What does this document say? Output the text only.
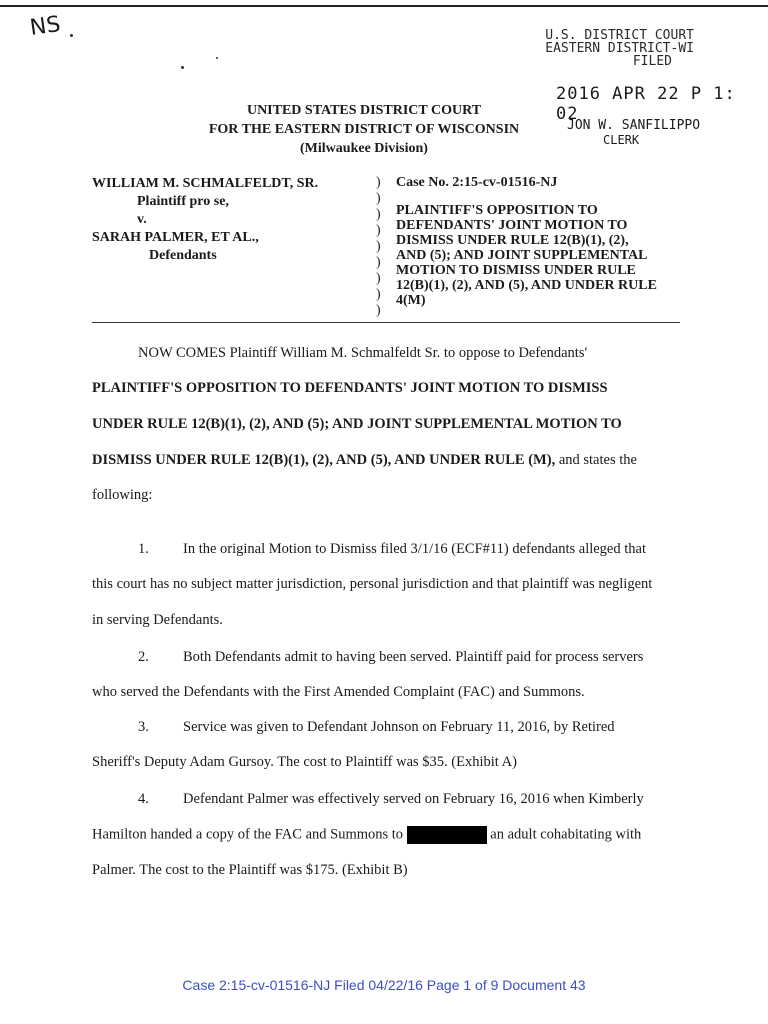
NS	U.S. DISTRICT COURT
EASTERN DISTRICT-WI
FILED
2016 APR 22 P 1: 02
JON W. SANFILIPPO
CLERK
UNITED STATES DISTRICT COURT
FOR THE EASTERN DISTRICT OF WISCONSIN
(Milwaukee Division)
WILLIAM M. SCHMALFELDT, SR.
Plaintiff pro se,
v.
SARAH PALMER, ET AL.,
Defendants
)
)
)
)
)
)
)
)
)
Case No. 2:15-cv-01516-NJ
PLAINTIFF'S OPPOSITION TO
DEFENDANTS' JOINT MOTION TO
DISMISS UNDER RULE 12(B)(1), (2),
AND (5); AND JOINT SUPPLEMENTAL
MOTION TO DISMISS UNDER RULE
12(B)(1), (2), AND (5), AND UNDER RULE
4(M)
NOW COMES Plaintiff William M. Schmalfeldt Sr. to oppose to Defendants'
PLAINTIFF'S OPPOSITION TO DEFENDANTS' JOINT MOTION TO DISMISS
UNDER RULE 12(B)(1), (2), AND (5); AND JOINT SUPPLEMENTAL MOTION TO
DISMISS UNDER RULE 12(B)(1), (2), AND (5), AND UNDER RULE (M), and states the
following:
1. In the original Motion to Dismiss filed 3/1/16 (ECF#11) defendants alleged that
this court has no subject matter jurisdiction, personal jurisdiction and that plaintiff was negligent
in serving Defendants.
2. Both Defendants admit to having been served. Plaintiff paid for process servers
who served the Defendants with the First Amended Complaint (FAC) and Summons.
3. Service was given to Defendant Johnson on February 11, 2016, by Retired
Sheriff's Deputy Adam Gursoy. The cost to Plaintiff was $35. (Exhibit A)
4. Defendant Palmer was effectively served on February 16, 2016 when Kimberly
Hamilton handed a copy of the FAC and Summons to	an adult cohabitating with
Palmer. The cost to the Plaintiff was $175. (Exhibit B)
Case 2:15-cv-01516-NJ Filed 04/22/16 Page 1 of 9 Document 43
